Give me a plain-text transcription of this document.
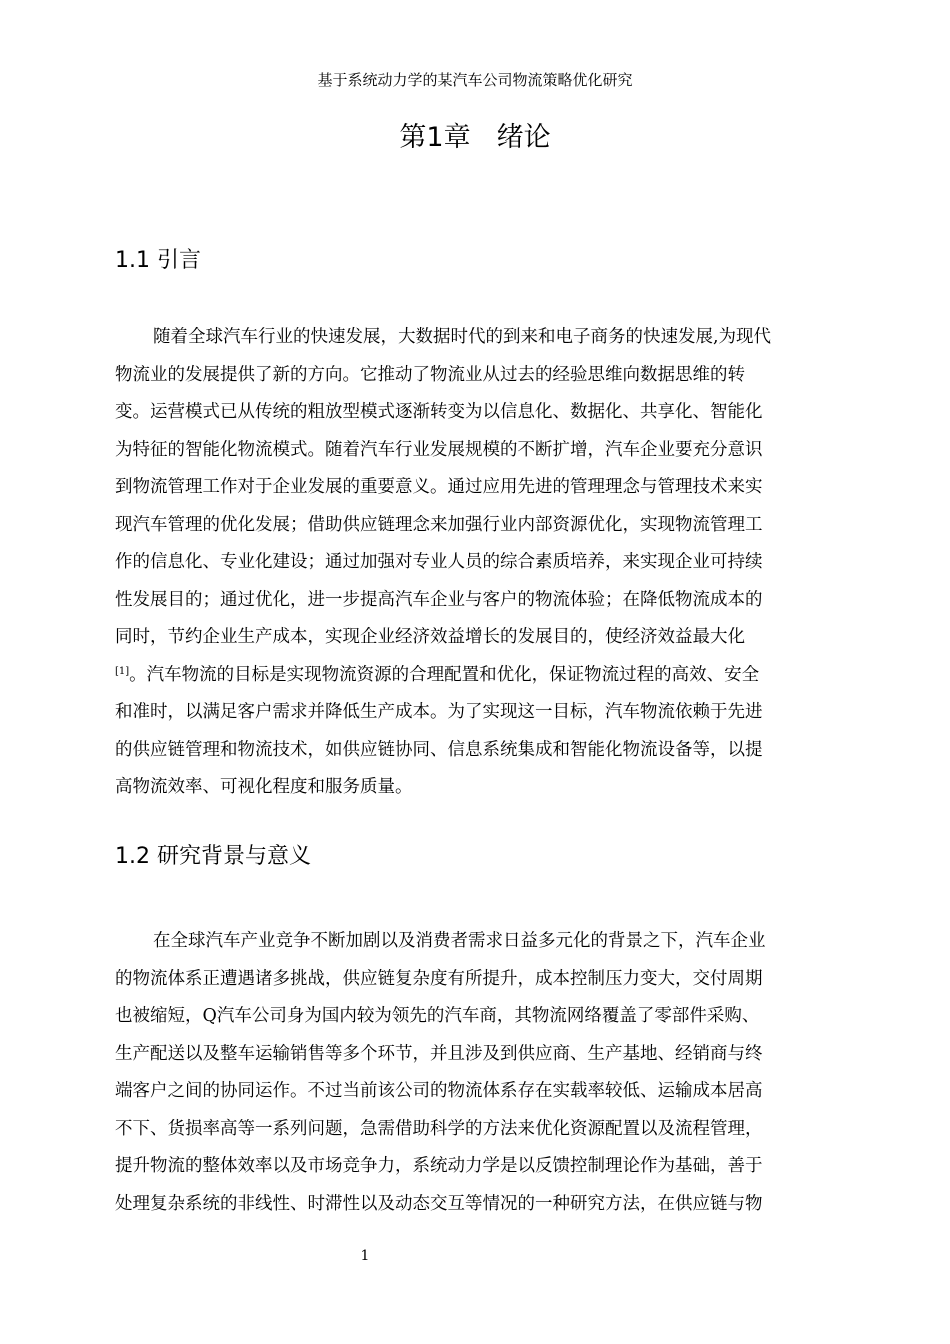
基于系统动力学的某汽车公司物流策略优化研究
第1章 绪论
1.1 引言
随着全球汽车行业的快速发展，大数据时代的到来和电子商务的快速发展,为现代
物流业的发展提供了新的方向。它推动了物流业从过去的经验思维向数据思维的转
变。运营模式已从传统的粗放型模式逐渐转变为以信息化、数据化、共享化、智能化
为特征的智能化物流模式。随着汽车行业发展规模的不断扩增，汽车企业要充分意识
到物流管理工作对于企业发展的重要意义。通过应用先进的管理理念与管理技术来实
现汽车管理的优化发展；借助供应链理念来加强行业内部资源优化，实现物流管理工
作的信息化、专业化建设；通过加强对专业人员的综合素质培养，来实现企业可持续
性发展目的；通过优化，进一步提高汽车企业与客户的物流体验；在降低物流成本的
同时，节约企业生产成本，实现企业经济效益增长的发展目的，使经济效益最大化
[1]。汽车物流的目标是实现物流资源的合理配置和优化，保证物流过程的高效、安全
和准时，以满足客户需求并降低生产成本。为了实现这一目标，汽车物流依赖于先进
的供应链管理和物流技术，如供应链协同、信息系统集成和智能化物流设备等，以提
高物流效率、可视化程度和服务质量。
1.2 研究背景与意义
在全球汽车产业竞争不断加剧以及消费者需求日益多元化的背景之下，汽车企业
的物流体系正遭遇诸多挑战，供应链复杂度有所提升，成本控制压力变大，交付周期
也被缩短，Q汽车公司身为国内较为领先的汽车商，其物流网络覆盖了零部件采购、
生产配送以及整车运输销售等多个环节，并且涉及到供应商、生产基地、经销商与终
端客户之间的协同运作。不过当前该公司的物流体系存在实载率较低、运输成本居高
不下、货损率高等一系列问题，急需借助科学的方法来优化资源配置以及流程管理，
提升物流的整体效率以及市场竞争力，系统动力学是以反馈控制理论作为基础，善于
处理复杂系统的非线性、时滞性以及动态交互等情况的一种研究方法，在供应链与物
1
